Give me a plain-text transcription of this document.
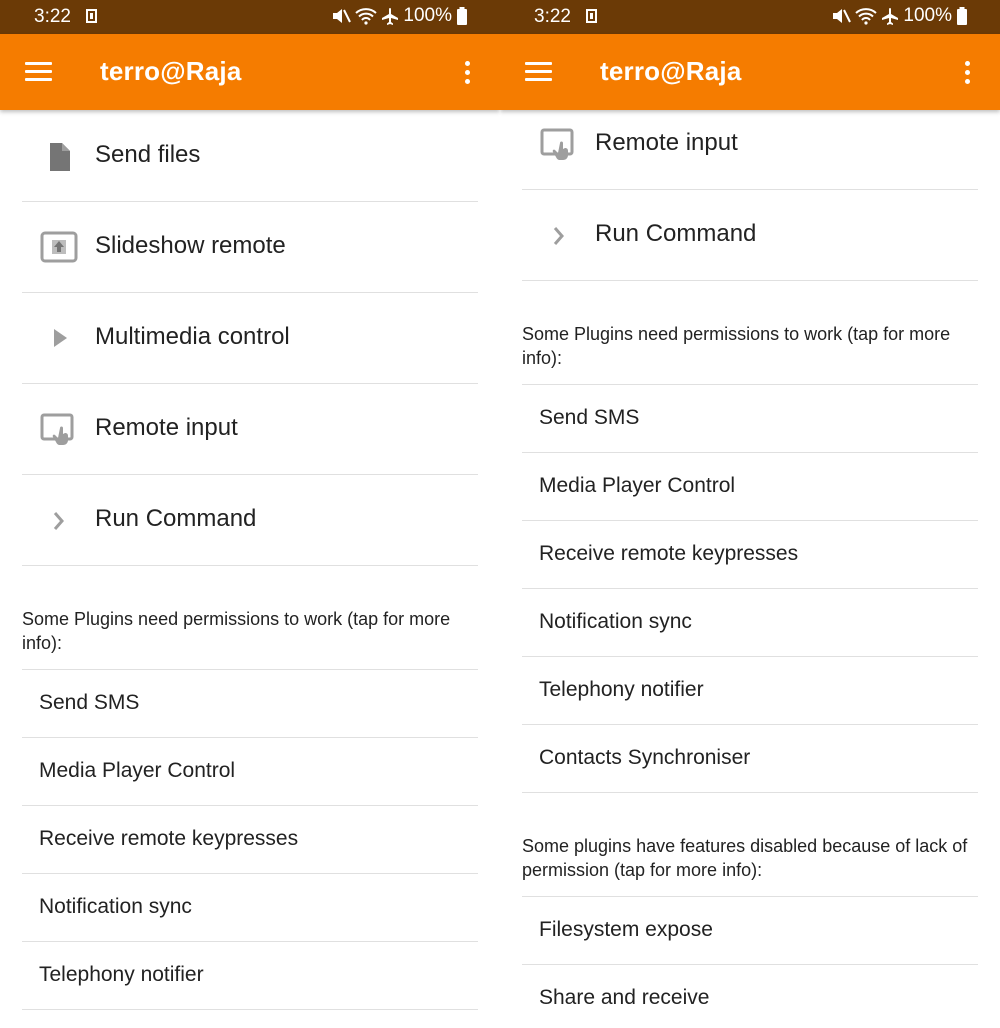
3:22	100%
terro@Raja
Send files
Slideshow remote
Multimedia control
Remote input
Run Command
Some Plugins need permissions to work (tap for more info):
Send SMS
Media Player Control
Receive remote keypresses
Notification sync
Telephony notifier
3:22	100%
terro@Raja
Remote input
Run Command
Some Plugins need permissions to work (tap for more info):
Send SMS
Media Player Control
Receive remote keypresses
Notification sync
Telephony notifier
Contacts Synchroniser
Some plugins have features disabled because of lack of permission (tap for more info):
Filesystem expose
Share and receive
